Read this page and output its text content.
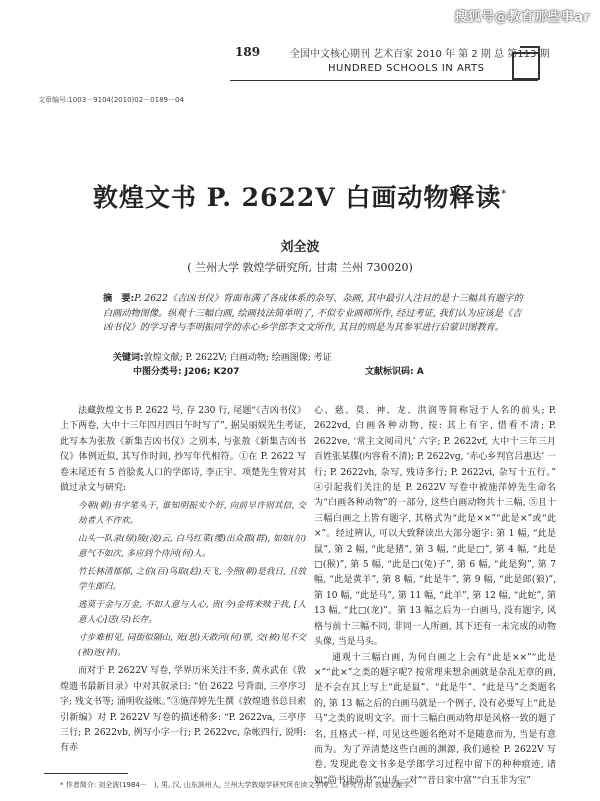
搜狐号@教育那些事ar
189	全国中文核心期刊 艺术百家 2010 年 第 2 期 总 第113 期
HUNDRED SCHOOLS IN ARTS
文章编号:1003－9104(2010)02－0189－04
敦煌文书 P. 2622V 白画动物释读*
刘全波
( 兰州大学 敦煌学研究所, 甘肃 兰州 730020)
摘　要:P. 2622《吉凶书仪》背面布满了各成体系的杂写、杂画, 其中最引人注目的是十三幅具有题字的白画动物图像。纵观十三幅白画, 绘画技法简单明了, 不似专业画师所作, 经过考证, 我们认为应该是《吉凶书仪》的学习者与李明振同学的赤心乡学郎李文文所作, 其目的则是为其参军进行启蒙识图教育。
关键词:敦煌文献; P. 2622V; 白画动物; 绘画图像; 考证
中图分类号: J206; K207	文献标识码: A

法藏敦煌文书 P. 2622 号, 存 230 行, 尾题“《吉凶书仪》上下两卷, 大中十三年四月四日午时写了”, 据吴丽娱先生考证, 此写本为张敖《新集吉凶书仪》之别本, 与张敖《新集吉凶书仪》体例近似, 其写作时间, 抄写年代相符。①在 P. 2622 写卷末尾还有 5 首脍炙人口的学郎诗, 李正宇、项楚先生曾对其做过录文与研究:

今朝(朝)书字笔头干, 谁知明振实个奸, 向前早许则其信, 交劫者人不许欢。

山头一队录(绿)陵(凌)云, 白马红菜(缨)出众郡(群), 如如(尔)意气不如次, 多应到个待河(何)人。

竹长林清郁郁, 之伯(百)鸟取(趋)天飞, 今照(朝)是我日, 且放学生郎归。

逃莫于金与万金, 不如人意与人心, 贵(今)金将来赎于我, [人意人心]送(尽)长存。

寸步难相见, 同街似隔山, 死(思)天敢河(何)罪, 交(被)见不交(被)连(袢)。

而对于 P. 2622V 写卷, 学界历来关注不多, 黄永武在《敦煌遗书最新目录》中对其叙录曰: “伯 2622 号背面, 三亭序习字; 残文书等; 涌明收益帐。”③施萍婷先生撰《敦煌遗书总目索引新编》对 P. 2622V 写卷的描述稍多: “P. 2622va, 三亭序三行; P. 2622vb, 例写小字一行; P. 2622vc, 杂帐四行, 说明: 有赤

心、慈、莫、神、龙、洪润等简称冠于人名的前头; P. 2622vd, 白画各种动物, 按: 其上有字, 惜看不清; P. 2622ve, ‘常主文阅司凡’ 六字; P. 2622vf, 大中十三年三月百姓张某牒(内容看不清); P. 2622vg, ‘赤心乡判官吕惠达’ 一行; P. 2622vh, 杂写, 残诗多行; P. 2622vi, 杂写十五行。” ④引起我们关注的是 P. 2622V 写卷中被施萍婷先生命名为“白画各种动物”的一部分, 这些白画动物共十三幅, ⑤且十三幅白画之上皆有题字, 其格式为“此是××”“此是×”或“此×”。经过辨认, 可以大致释读出大部分题字: 第 1 幅, “此是鼠”, 第 2 幅, “此是猪”, 第 3 幅, “此是□”, 第 4 幅, “此是□(猴)”, 第 5 幅, “此是□(兔)子”, 第 6 幅, “此是狗”, 第 7 幅, “此是黄羊”, 第 8 幅, “此是牛”, 第 9 幅, “此是郎(狼)”, 第 10 幅, “此是马”, 第 11 幅, “此羊”, 第 12 幅, “此蛇”, 第 13 幅, “此□(龙)”。第 13 幅之后为一白画马, 没有题字, 风格与前十三幅不同, 非同一人所画, 其下还有一未完成的动物头像, 当是马头。

通观十三幅白画, 为何白画之上会有“此是××”“此是×”“此×”之类的题字呢? 按常理来想余画就是杂乱无章的画, 是不会在其上写上“此是鼠”、“此是牛”、“此是马”之类题名的, 第 13 幅之后的白画马就是一个例子, 没有必要写上“此是马”之类的说明文字。而十三幅白画动物却是风格一致的题了名, 且格式一样, 可见这些题名绝对不是随意而为, 当是有意而为。为了弄清楚这些白画的渊源, 我们通检 P. 2622V 写卷, 发现此卷文书多是学郎学习过程中留下的种种痕迹, 诸如“尚书读尚书”“山头一对”“昔日家中富”“白玉非为宝”

* 作者简介: 刘全波(1984－　), 男, 汉, 山东滨州人, 兰州大学敦煌学研究所在读文学博士。研究方向: 敦煌文献学。
